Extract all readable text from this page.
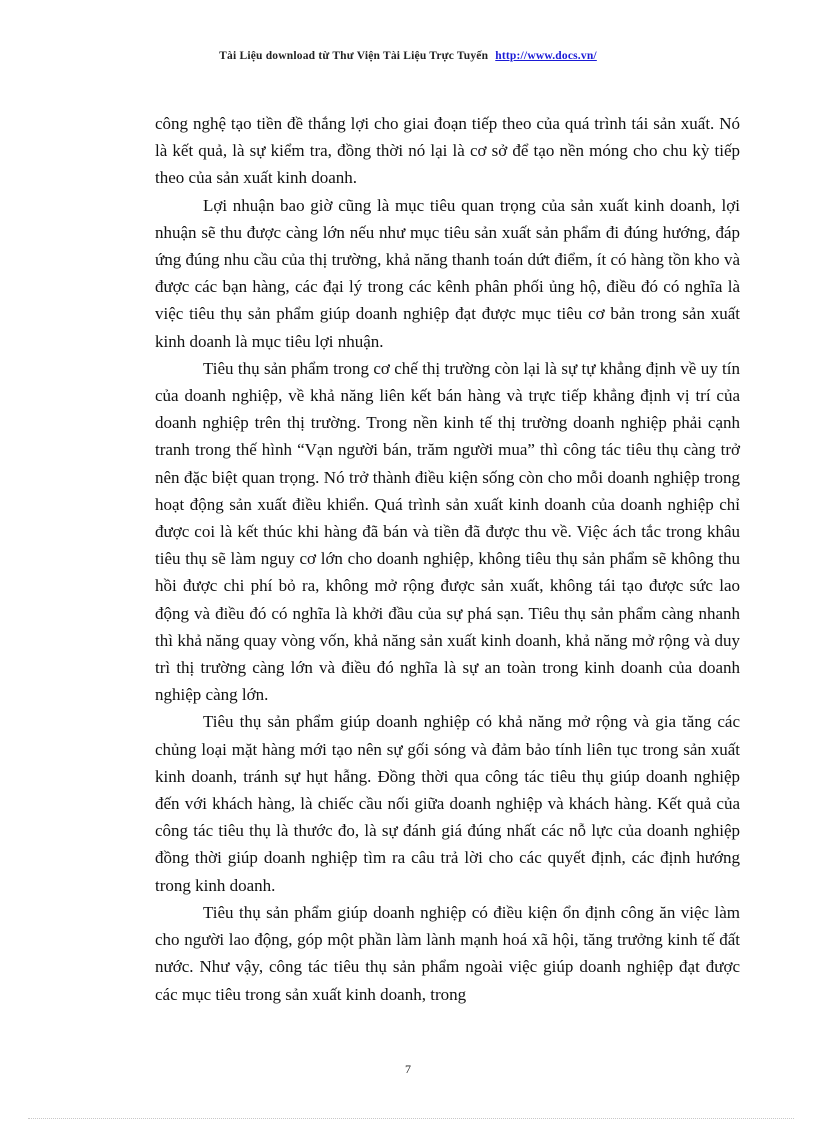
Tài Liệu download từ Thư Viện Tài Liệu Trực Tuyến http://www.docs.vn/

công nghệ tạo tiền đề thắng lợi cho giai đoạn tiếp theo của quá trình tái sản xuất. Nó là kết quả, là sự kiểm tra, đồng thời nó lại là cơ sở để tạo nền móng cho chu kỳ tiếp theo của sản xuất kinh doanh.

Lợi nhuận bao giờ cũng là mục tiêu quan trọng của sản xuất kinh doanh, lợi nhuận sẽ thu được càng lớn nếu như mục tiêu sản xuất sản phẩm đi đúng hướng, đáp ứng đúng nhu cầu của thị trường, khả năng thanh toán dứt điểm, ít có hàng tồn kho và được các bạn hàng, các đại lý trong các kênh phân phối ủng hộ, điều đó có nghĩa là việc tiêu thụ sản phẩm giúp doanh nghiệp đạt được mục tiêu cơ bản trong sản xuất kinh doanh là mục tiêu lợi nhuận.

Tiêu thụ sản phẩm trong cơ chế thị trường còn lại là sự tự khẳng định về uy tín của doanh nghiệp, về khả năng liên kết bán hàng và trực tiếp khẳng định vị trí của doanh nghiệp trên thị trường. Trong nền kinh tế thị trường doanh nghiệp phải cạnh tranh trong thế hình “Vạn người bán, trăm người mua” thì công tác tiêu thụ càng trở nên đặc biệt quan trọng. Nó trở thành điều kiện sống còn cho mỗi doanh nghiệp trong hoạt động sản xuất điều khiển. Quá trình sản xuất kinh doanh của doanh nghiệp chỉ được coi là kết thúc khi hàng đã bán và tiền đã được thu về. Việc ách tắc trong khâu tiêu thụ sẽ làm nguy cơ lớn cho doanh nghiệp, không tiêu thụ sản phẩm sẽ không thu hồi được chi phí bỏ ra, không mở rộng được sản xuất, không tái tạo được sức lao động và điều đó có nghĩa là khởi đầu của sự phá sạn. Tiêu thụ sản phẩm càng nhanh thì khả năng quay vòng vốn, khả năng sản xuất kinh doanh, khả năng mở rộng và duy trì thị trường càng lớn và điều đó nghĩa là sự an toàn trong kinh doanh của doanh nghiệp càng lớn.

Tiêu thụ sản phẩm giúp doanh nghiệp có khả năng mở rộng và gia tăng các chủng loại mặt hàng mới tạo nên sự gối sóng và đảm bảo tính liên tục trong sản xuất kinh doanh, tránh sự hụt hẫng. Đồng thời qua công tác tiêu thụ giúp doanh nghiệp đến với khách hàng, là chiếc cầu nối giữa doanh nghiệp và khách hàng. Kết quả của công tác tiêu thụ là thước đo, là sự đánh giá đúng nhất các nỗ lực của doanh nghiệp đồng thời giúp doanh nghiệp tìm ra câu trả lời cho các quyết định, các định hướng trong kinh doanh.

Tiêu thụ sản phẩm giúp doanh nghiệp có điều kiện ổn định công ăn việc làm cho người lao động, góp một phần làm lành mạnh hoá xã hội, tăng trưởng kinh tế đất nước. Như vậy, công tác tiêu thụ sản phẩm ngoài việc giúp doanh nghiệp đạt được các mục tiêu trong sản xuất kinh doanh, trong

7
